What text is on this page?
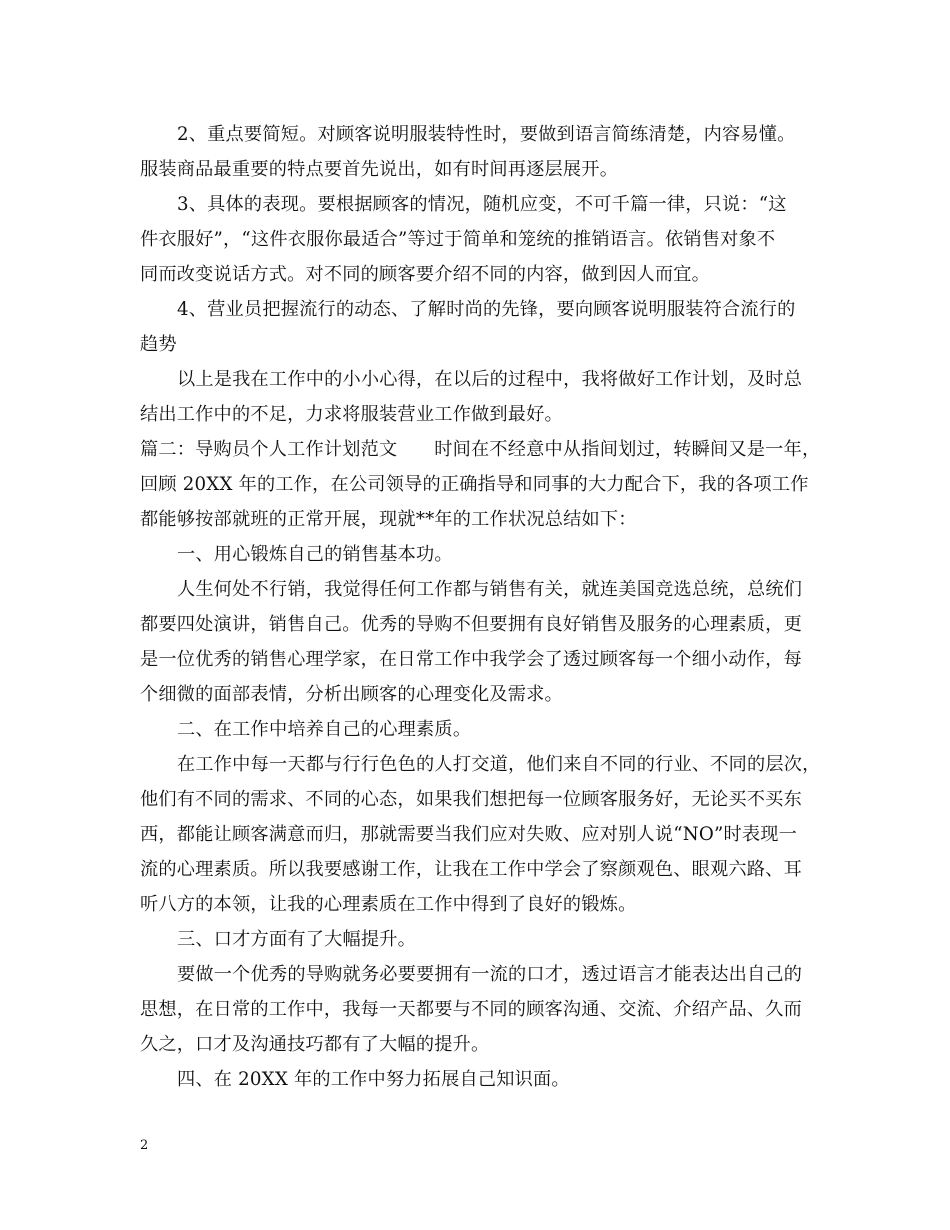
2、重点要简短。对顾客说明服装特性时，要做到语言简练清楚，内容易懂。
服装商品最重要的特点要首先说出，如有时间再逐层展开。
3、具体的表现。要根据顾客的情况，随机应变，不可千篇一律，只说：“这
件衣服好”，“这件衣服你最适合”等过于简单和笼统的推销语言。依销售对象不
同而改变说话方式。对不同的顾客要介绍不同的内容，做到因人而宜。
4、营业员把握流行的动态、了解时尚的先锋，要向顾客说明服装符合流行的
趋势
以上是我在工作中的小小心得，在以后的过程中，我将做好工作计划，及时总
结出工作中的不足，力求将服装营业工作做到最好。
篇二：导购员个人工作计划范文　　时间在不经意中从指间划过，转瞬间又是一年，
回顾 20XX 年的工作，在公司领导的正确指导和同事的大力配合下，我的各项工作
都能够按部就班的正常开展，现就**年的工作状况总结如下：
一、用心锻炼自己的销售基本功。
人生何处不行销，我觉得任何工作都与销售有关，就连美国竞选总统，总统们
都要四处演讲，销售自己。优秀的导购不但要拥有良好销售及服务的心理素质，更
是一位优秀的销售心理学家，在日常工作中我学会了透过顾客每一个细小动作，每
个细微的面部表情，分析出顾客的心理变化及需求。
二、在工作中培养自己的心理素质。
在工作中每一天都与行行色色的人打交道，他们来自不同的行业、不同的层次，
他们有不同的需求、不同的心态，如果我们想把每一位顾客服务好，无论买不买东
西，都能让顾客满意而归，那就需要当我们应对失败、应对别人说“NO”时表现一
流的心理素质。所以我要感谢工作，让我在工作中学会了察颜观色、眼观六路、耳
听八方的本领，让我的心理素质在工作中得到了良好的锻炼。
三、口才方面有了大幅提升。
要做一个优秀的导购就务必要要拥有一流的口才，透过语言才能表达出自己的
思想，在日常的工作中，我每一天都要与不同的顾客沟通、交流、介绍产品、久而
久之，口才及沟通技巧都有了大幅的提升。
四、在 20XX 年的工作中努力拓展自己知识面。
2
